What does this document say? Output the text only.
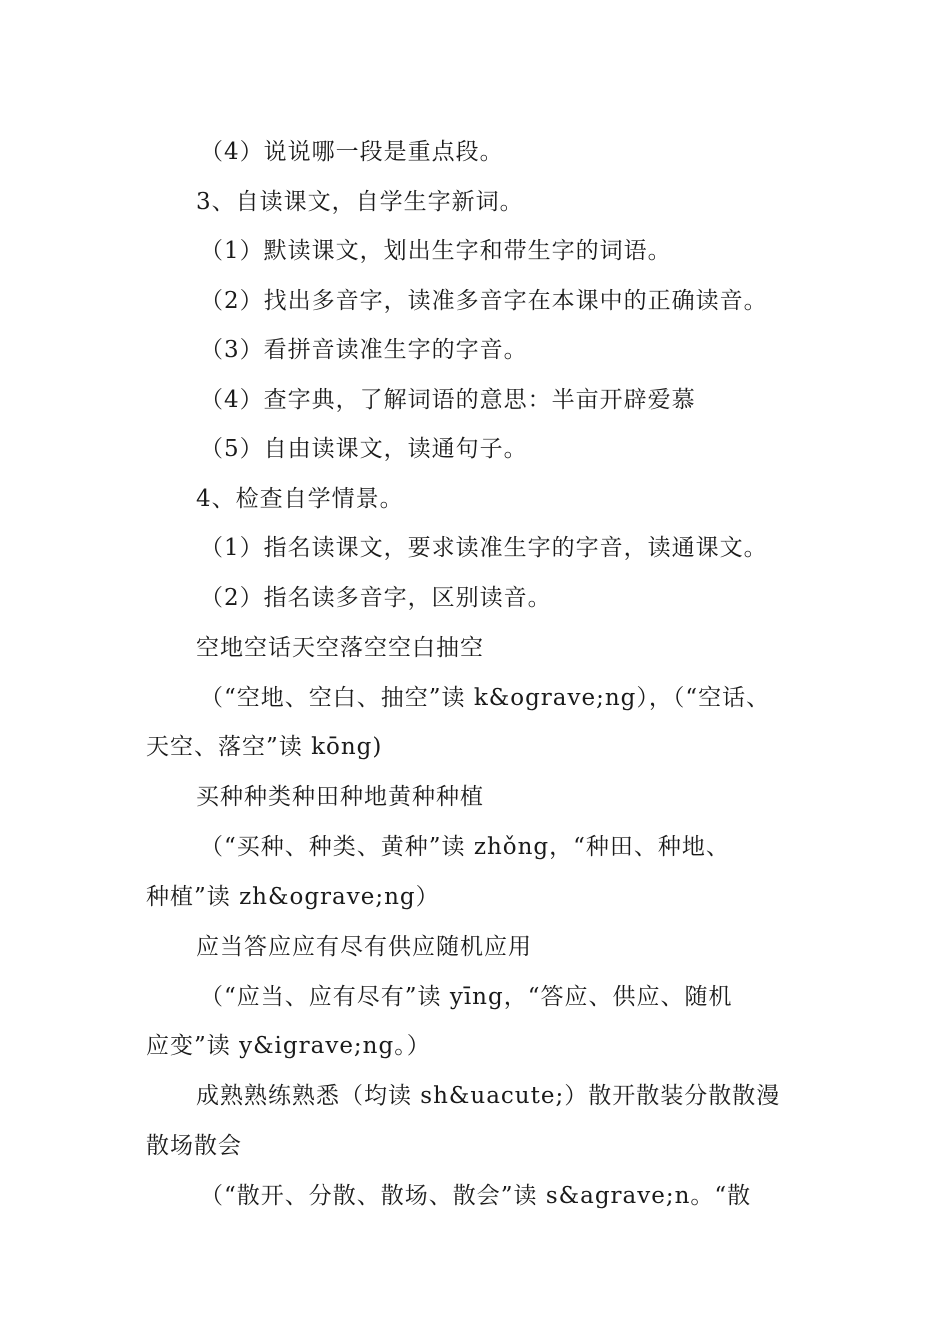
（4）说说哪一段是重点段。
3、自读课文，自学生字新词。
（1）默读课文，划出生字和带生字的词语。
（2）找出多音字，读准多音字在本课中的正确读音。
（3）看拼音读准生字的字音。
（4）查字典，了解词语的意思：半亩开辟爱慕
（5）自由读课文，读通句子。
4、检查自学情景。
（1）指名读课文，要求读准生字的字音，读通课文。
（2）指名读多音字，区别读音。
空地空话天空落空空白抽空
（“空地、空白、抽空”读 k&ograve;ng），（“空话、
天空、落空”读 kōng)
买种种类种田种地黄种种植
（“买种、种类、黄种”读 zhǒng，“种田、种地、
种植”读 zh&ograve;ng）
应当答应应有尽有供应随机应用
（“应当、应有尽有”读 yīng，“答应、供应、随机
应变”读 y&igrave;ng。）
成熟熟练熟悉（均读 sh&uacute;）散开散装分散散漫
散场散会
（“散开、分散、散场、散会”读 s&agrave;n。“散
